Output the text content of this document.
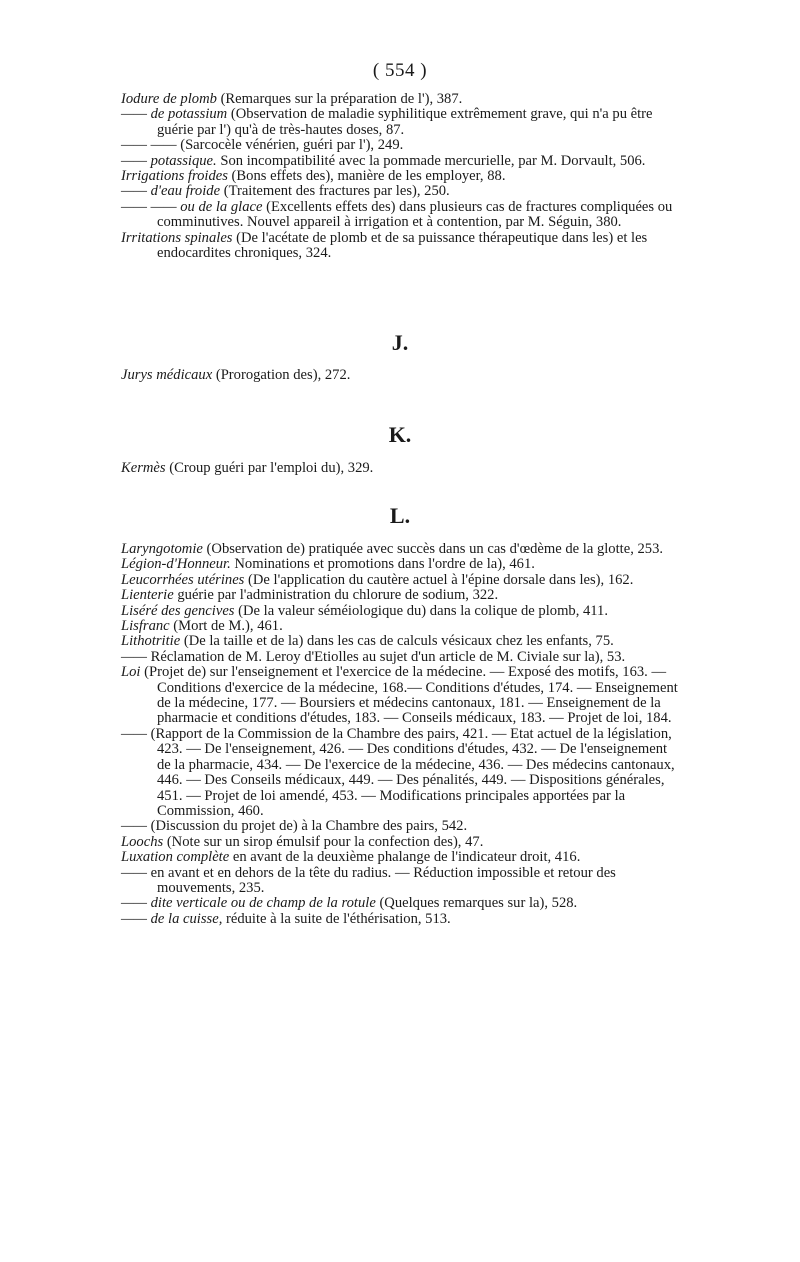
( 554 )

Iodure de plomb (Remarques sur la préparation de l'), 387.

—— de potassium (Observation de maladie syphilitique extrêmement grave, qui n'a pu être guérie par l') qu'à de très-hautes doses, 87.

—— —— (Sarcocèle vénérien, guéri par l'), 249.

—— potassique. Son incompatibilité avec la pommade mercurielle, par M. Dorvault, 506.

Irrigations froides (Bons effets des), manière de les employer, 88.

—— d'eau froide (Traitement des fractures par les), 250.

—— —— ou de la glace (Excellents effets des) dans plusieurs cas de fractures compliquées ou comminutives. Nouvel appareil à irrigation et à contention, par M. Séguin, 380.

Irritations spinales (De l'acétate de plomb et de sa puissance thérapeutique dans les) et les endocardites chroniques, 324.

J.

Jurys médicaux (Prorogation des), 272.

K.

Kermès (Croup guéri par l'emploi du), 329.

L.

Laryngotomie (Observation de) pratiquée avec succès dans un cas d'œdème de la glotte, 253.

Légion-d'Honneur. Nominations et promotions dans l'ordre de la), 461.

Leucorrhées utérines (De l'application du cautère actuel à l'épine dorsale dans les), 162.

Lienterie guérie par l'administration du chlorure de sodium, 322.

Liséré des gencives (De la valeur séméiologique du) dans la colique de plomb, 411.

Lisfranc (Mort de M.), 461.

Lithotritie (De la taille et de la) dans les cas de calculs vésicaux chez les enfants, 75.

—— Réclamation de M. Leroy d'Etiolles au sujet d'un article de M. Civiale sur la), 53.

Loi (Projet de) sur l'enseignement et l'exercice de la médecine. — Exposé des motifs, 163. — Conditions d'exercice de la médecine, 168.— Conditions d'études, 174. — Enseignement de la médecine, 177. — Boursiers et médecins cantonaux, 181. — Enseignement de la pharmacie et conditions d'études, 183. — Conseils médicaux, 183. — Projet de loi, 184.

—— (Rapport de la Commission de la Chambre des pairs, 421. — Etat actuel de la législation, 423. — De l'enseignement, 426. — Des conditions d'études, 432. — De l'enseignement de la pharmacie, 434. — De l'exercice de la médecine, 436. — Des médecins cantonaux, 446. — Des Conseils médicaux, 449. — Des pénalités, 449. — Dispositions générales, 451. — Projet de loi amendé, 453. — Modifications principales apportées par la Commission, 460.

—— (Discussion du projet de) à la Chambre des pairs, 542.

Loochs (Note sur un sirop émulsif pour la confection des), 47.

Luxation complète en avant de la deuxième phalange de l'indicateur droit, 416.

—— en avant et en dehors de la tête du radius. — Réduction impossible et retour des mouvements, 235.

—— dite verticale ou de champ de la rotule (Quelques remarques sur la), 528.

—— de la cuisse, réduite à la suite de l'éthérisation, 513.
